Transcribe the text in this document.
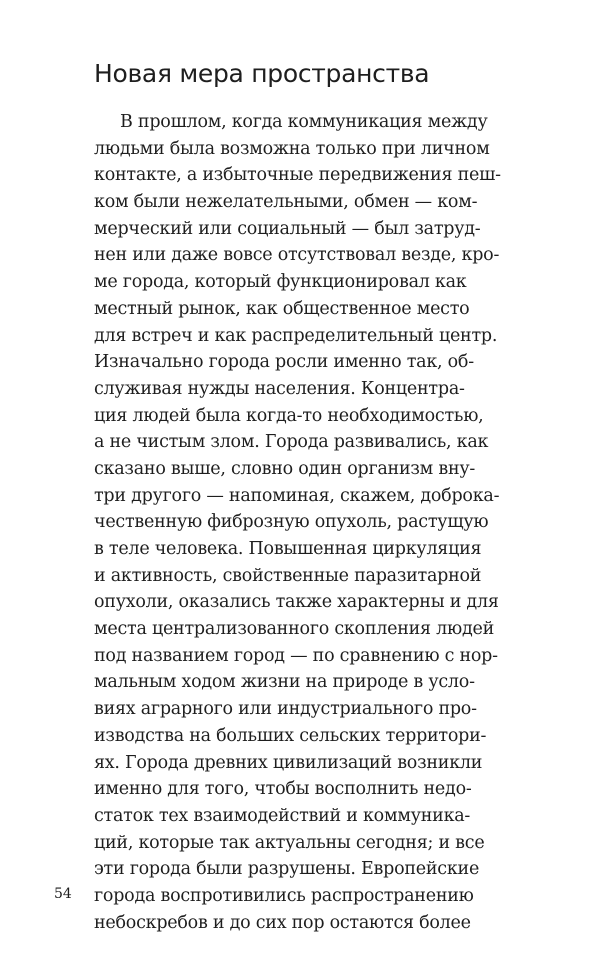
Новая мера пространства
В прошлом, когда коммуникация между
людьми была возможна только при личном
контакте, а избыточные передвижения пеш-
ком были нежелательными, обмен — ком-
мерческий или социальный — был затруд-
нен или даже вовсе отсутствовал везде, кро-
ме города, который функционировал как
местный рынок, как общественное место
для встреч и как распределительный центр.
Изначально города росли именно так, об-
служивая нужды населения. Концентра-
ция людей была когда-то необходимостью,
а не чистым злом. Города развивались, как
сказано выше, словно один организм вну-
три другого — напоминая, скажем, доброка-
чественную фиброзную опухоль, растущую
в теле человека. Повышенная циркуляция
и активность, свойственные паразитарной
опухоли, оказались также характерны и для
места централизованного скопления людей
под названием город — по сравнению с нор-
мальным ходом жизни на природе в усло-
виях аграрного или индустриального про-
изводства на больших сельских территори-
ях. Города древних цивилизаций возникли
именно для того, чтобы восполнить недо-
статок тех взаимодействий и коммуника-
ций, которые так актуальны сегодня; и все
эти города были разрушены. Европейские
города воспротивились распространению
небоскребов и до сих пор остаются более
54
